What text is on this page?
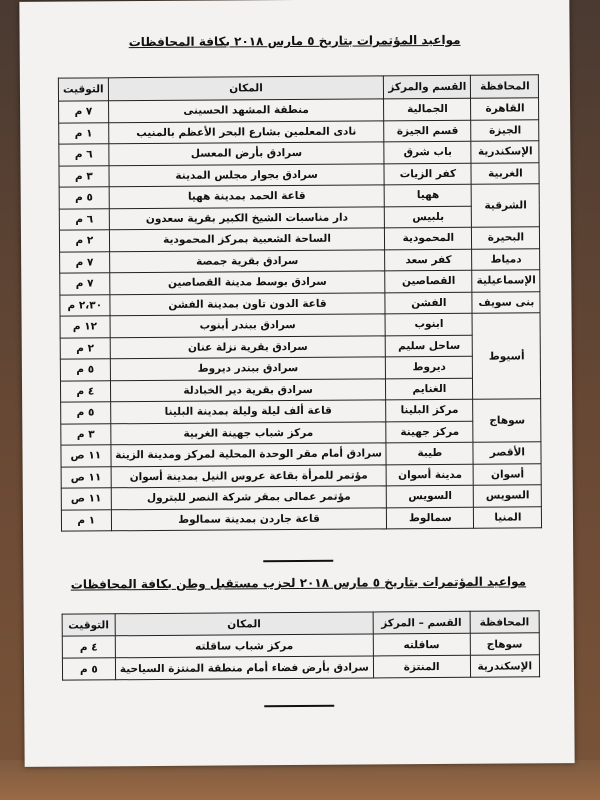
مواعيد المؤتمرات بتاريخ ٥ مارس ٢٠١٨ بكافة المحافظات
المحافظة	القسم والمركز	المكان	التوقيت
القاهرة	الجمالية	منطقة المشهد الحسينى	٧ م
الجيزة	قسم الجيزة	نادى المعلمين بشارع البحر الأعظم بالمنيب	١ م
الإسكندرية	باب شرق	سرادق بأرض المعسل	٦ م
الغربية	كفر الزيات	سرادق بجوار مجلس المدينة	٣ م
الشرقية	ههيا	قاعة الحمد بمدينة ههيا	٥ م
	بلبيس	دار مناسبات الشيخ الكبير بقرية سعدون	٦ م
البحيرة	المحمودية	الساحة الشعبية بمركز المحمودية	٢ م
دمياط	كفر سعد	سرادق بقرية جمصة	٧ م
الإسماعيلية	القصاصين	سرادق بوسط مدينة القصاصين	٧ م
بنى سويف	الفشن	قاعة الدون تاون بمدينة الفشن	٢،٣٠ م
أسيوط	ابنوب	سرادق ببندر أبنوب	١٢ م
	ساحل سليم	سرادق بقرية نزلة عنان	٢ م
	ديروط	سرادق ببندر ديروط	٥ م
	الغنايم	سرادق بقرية دير الخبادلة	٤ م
سوهاج	مركز البلينا	قاعة ألف ليلة وليلة بمدينة البلينا	٥ م
	مركز جهينة	مركز شباب جهينة الغربية	٣ م
الأقصر	طيبة	سرادق أمام مقر الوحدة المحلية لمركز ومدينة الزينة	١١ ص
أسوان	مدينة أسوان	مؤتمر للمرأة بقاعة عروس النيل بمدينة أسوان	١١ ص
السويس	السويس	مؤتمر عمالى بمقر شركة النصر للبترول	١١ ص
المنيا	سمالوط	قاعة جاردن بمدينة سمالوط	١ م
مواعيد المؤتمرات بتاريخ ٥ مارس ٢٠١٨ لحزب مستقبل وطن بكافة المحافظات
المحافظة	القسم – المركز	المكان	التوقيت
سوهاج	ساقلته	مركز شباب ساقلته	٤ م
الإسكندرية	المنتزة	سرادق بأرض فضاء أمام منطقة المنتزة السياحية	٥ م
